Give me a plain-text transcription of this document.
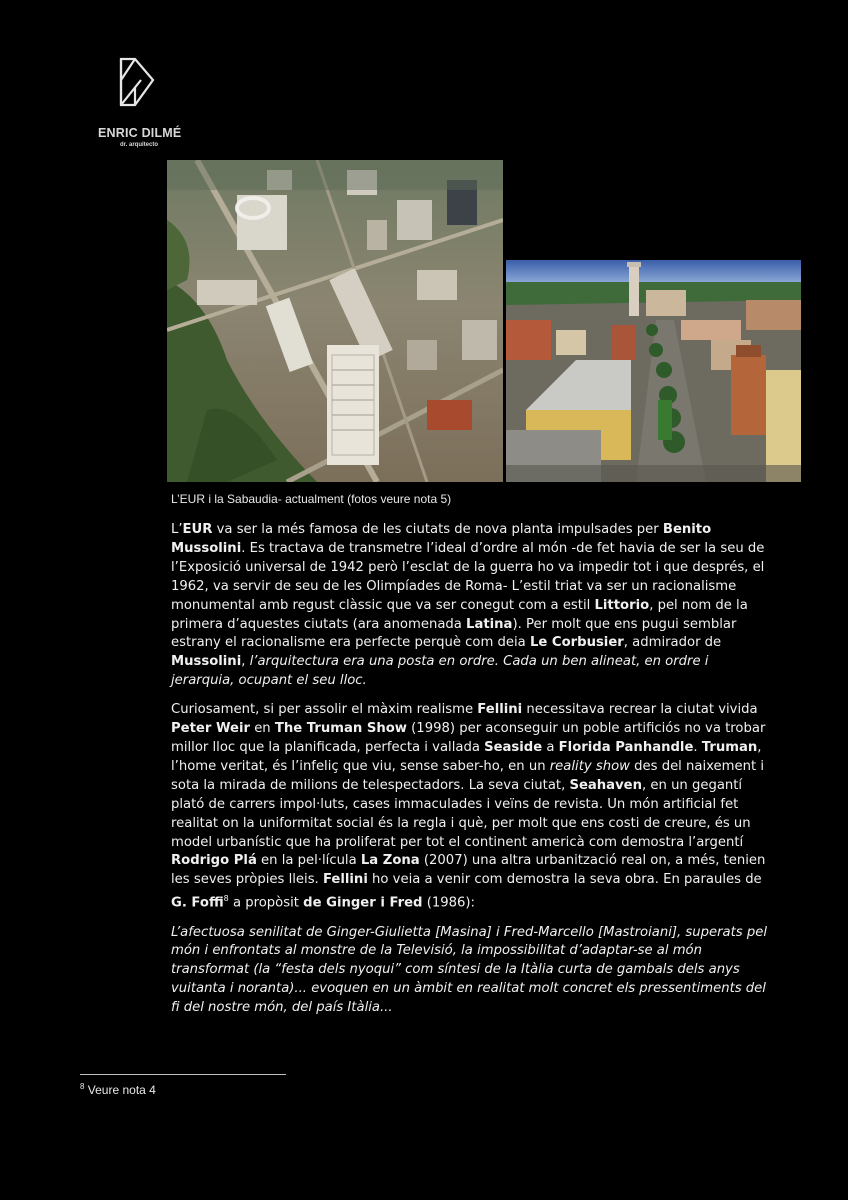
ENRIC DILMÉ
dr. arquitecto
L’EUR i la Sabaudia- actualment (fotos veure nota 5)

L’EUR va ser la més famosa de les ciutats de nova planta impulsades per Benito Mussolini. Es tractava de transmetre l’ideal d’ordre al món -de fet havia de ser la seu de l’Exposició universal de 1942 però l’esclat de la guerra ho va impedir tot i que després, el 1962, va servir de seu de les Olimpíades de Roma- L’estil triat va ser un racionalisme monumental amb regust clàssic que va ser conegut com a estil Littorio, pel nom de la primera d’aquestes ciutats (ara anomenada Latina). Per molt que ens pugui semblar estrany el racionalisme era perfecte perquè com deia Le Corbusier, admirador de Mussolini, l’arquitectura era una posta en ordre. Cada un ben alineat, en ordre i jerarquia, ocupant el seu lloc.

Curiosament, si per assolir el màxim realisme Fellini necessitava recrear la ciutat vivida Peter Weir en The Truman Show (1998) per aconseguir un poble artificiós no va trobar millor lloc que la planificada, perfecta i vallada Seaside a Florida Panhandle. Truman, l’home veritat, és l’infeliç que viu, sense saber-ho, en un reality show des del naixement i sota la mirada de milions de telespectadors. La seva ciutat, Seahaven, en un gegantí plató de carrers impol·luts, cases immaculades i veïns de revista. Un món artificial fet realitat on la uniformitat social és la regla i què, per molt que ens costi de creure, és un model urbanístic que ha proliferat per tot el continent americà com demostra l’argentí Rodrigo Plá en la pel·lícula La Zona (2007) una altra urbanització real on, a més, tenien les seves pròpies lleis. Fellini ho veia a venir com demostra la seva obra. En paraules de G. Foffi$^8$ a propòsit de Ginger i Fred (1986):

L’afectuosa senilitat de Ginger-Giulietta [Masina] i Fred-Marcello [Mastroiani], superats pel món i enfrontats al monstre de la Televisió, la impossibilitat d’adaptar-se al món transformat (la “festa dels nyoqui” com síntesi de la Itàlia curta de gambals dels anys vuitanta i noranta)... evoquen en un àmbit en realitat molt concret els pressentiments del fi del nostre món, del país Itàlia...

$^8$ Veure nota 4
